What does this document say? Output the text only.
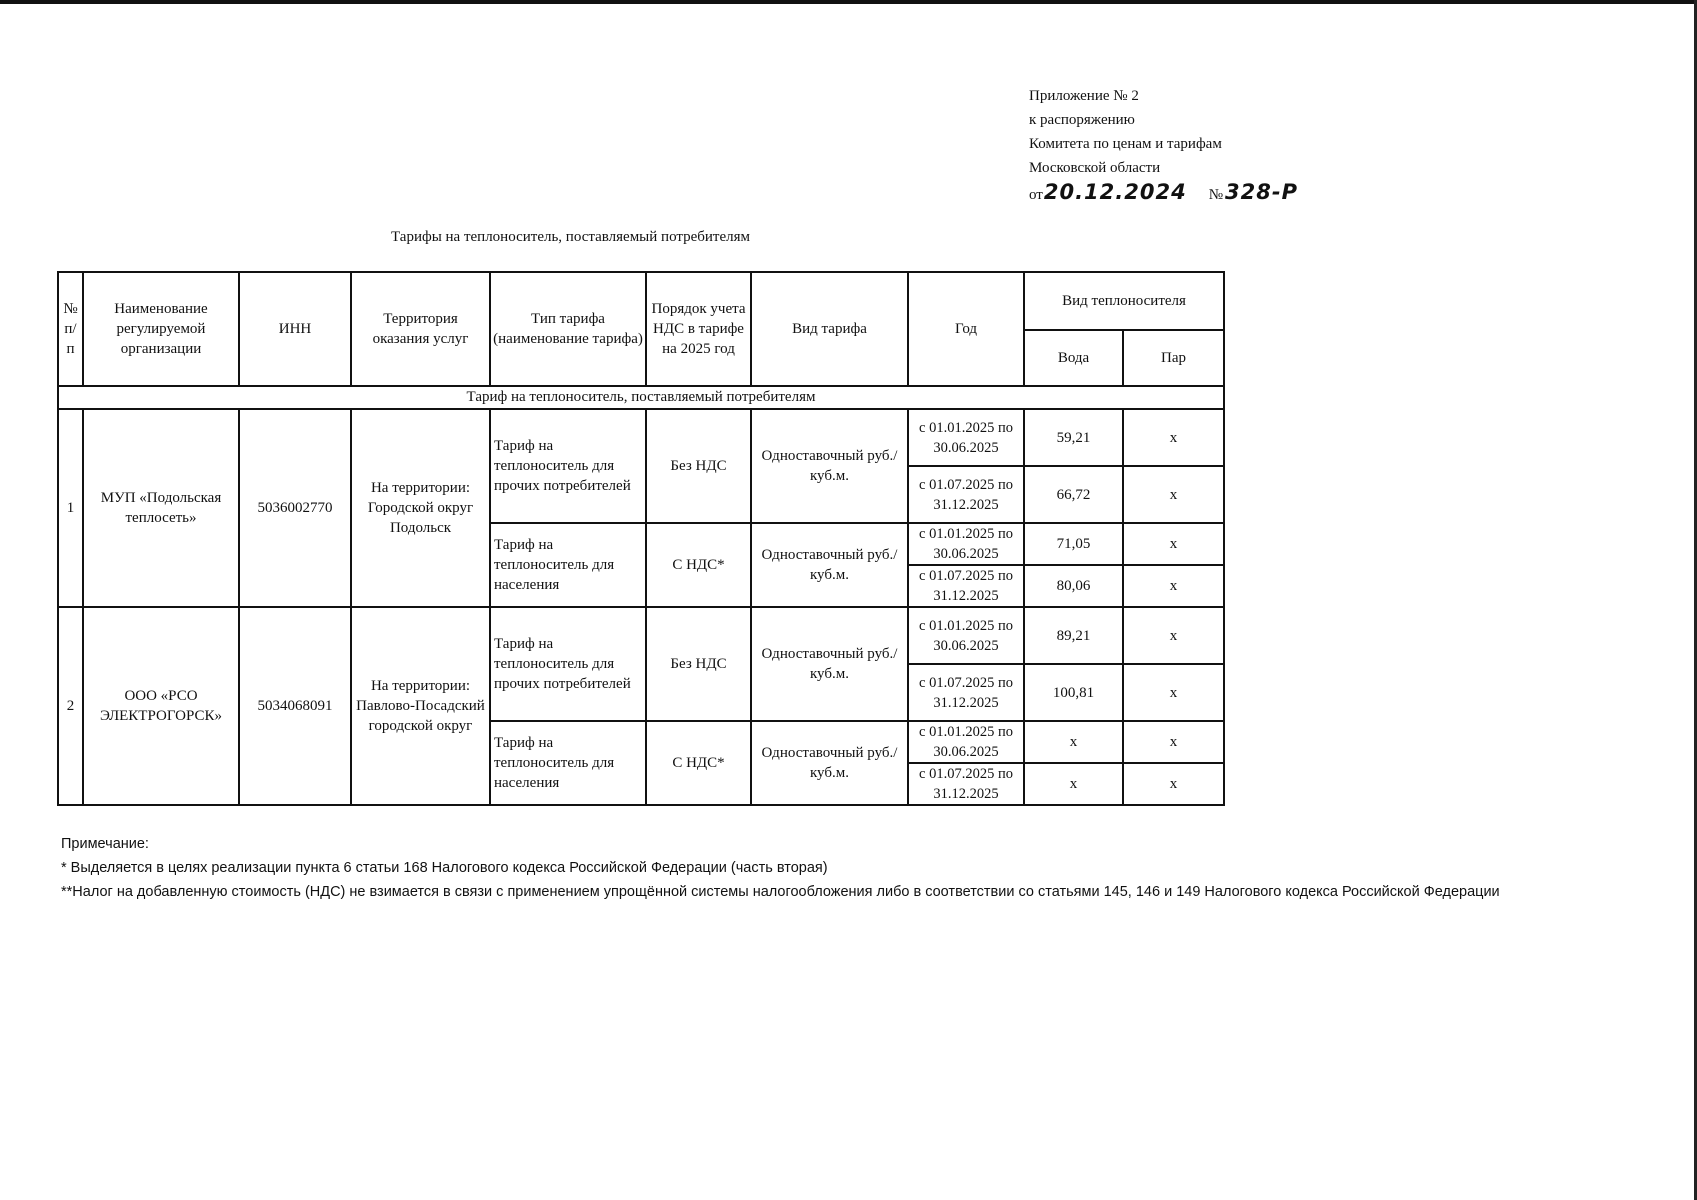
Приложение № 2
к распоряжению
Комитета по ценам и тарифам
Московской области
от20.12.2024 №328-Р
Тарифы на теплоноситель, поставляемый потребителям
№ п/п	Наименование регулируемой организации	ИНН	Территория оказания услуг	Тип тарифа (наименование тарифа)	Порядок учета НДС в тарифе на 2025 год	Вид тарифа	Год	Вид теплоносителя	
								Вода	Пар
Тариф на теплоноситель, поставляемый потребителям									
1	МУП «Подольская теплосеть»	5036002770	На территории: Городской округ Подольск	Тариф на теплоноситель для прочих потребителей	Без НДС	Одноставочный руб./куб.м.	с 01.01.2025 по 30.06.2025	59,21	х
							с 01.07.2025 по 31.12.2025	66,72	х
				Тариф на теплоноситель для населения	С НДС*	Одноставочный руб./куб.м.	с 01.01.2025 по 30.06.2025	71,05	х
							с 01.07.2025 по 31.12.2025	80,06	х
2	ООО «РСО ЭЛЕКТРОГОРСК»	5034068091	На территории: Павлово-Посадский городской округ	Тариф на теплоноситель для прочих потребителей	Без НДС	Одноставочный руб./куб.м.	с 01.01.2025 по 30.06.2025	89,21	х
							с 01.07.2025 по 31.12.2025	100,81	х
				Тариф на теплоноситель для населения	С НДС*	Одноставочный руб./куб.м.	с 01.01.2025 по 30.06.2025	х	х
							с 01.07.2025 по 31.12.2025	х	х
Примечание:
* Выделяется в целях реализации пункта 6 статьи 168 Налогового кодекса Российской Федерации (часть вторая)
**Налог на добавленную стоимость (НДС) не взимается в связи с применением упрощённой системы налогообложения либо в соответствии со статьями 145, 146 и 149 Налогового кодекса Российской Федерации
